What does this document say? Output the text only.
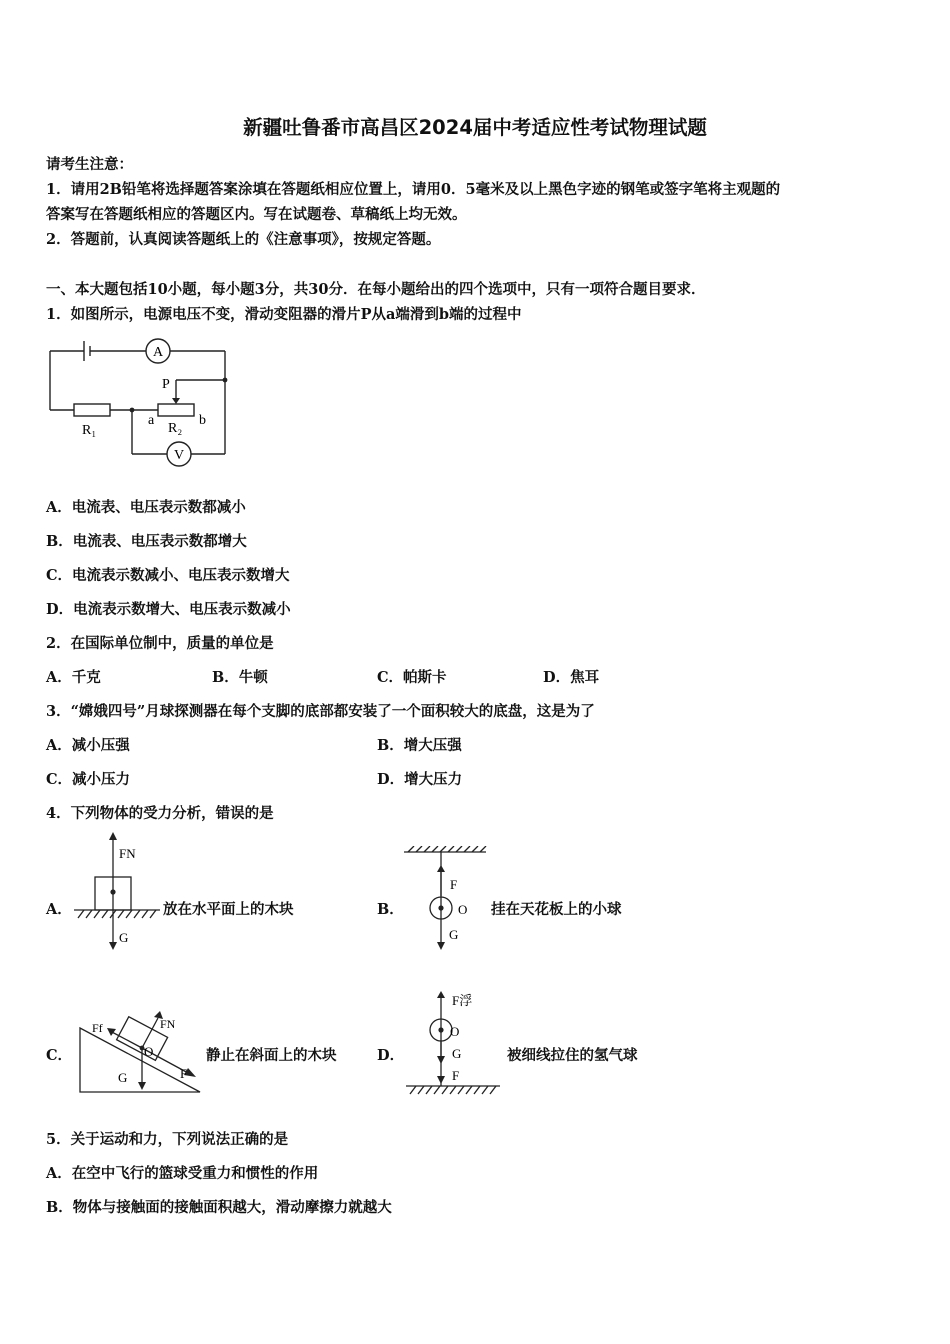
新疆吐鲁番市高昌区2024届中考适应性考试物理试题
请考生注意：
1．请用2B铅笔将选择题答案涂填在答题纸相应位置上，请用0．5毫米及以上黑色字迹的钢笔或签字笔将主观题的
答案写在答题纸相应的答题区内。写在试题卷、草稿纸上均无效。
2．答题前，认真阅读答题纸上的《注意事项》，按规定答题。
一、本大题包括10小题，每小题3分，共30分．在每小题给出的四个选项中，只有一项符合题目要求．
1．如图所示，电源电压不变，滑动变阻器的滑片P从a端滑到b端的过程中
A
V
P
R₁	R₂
a	b
A．电流表、电压表示数都减小
B．电流表、电压表示数都增大
C．电流表示数减小、电压表示数增大
D．电流表示数增大、电压表示数减小
2．在国际单位制中，质量的单位是
A．千克	B．牛顿	C．帕斯卡	D．焦耳
3．“嫦娥四号”月球探测器在每个支脚的底部都安装了一个面积较大的底盘，这是为了
A．减小压强	B．增大压强
C．减小压力	D．增大压力
4．下列物体的受力分析，错误的是
A．
FN
G
放在水平面上的木块	B．
F
O
G
挂在天花板上的小球
C．
Ff	FN
O
G	F
静止在斜面上的木块	D．
F浮
O
G
F
被细线拉住的氢气球
5．关于运动和力，下列说法正确的是
A．在空中飞行的篮球受重力和惯性的作用
B．物体与接触面的接触面积越大，滑动摩擦力就越大
